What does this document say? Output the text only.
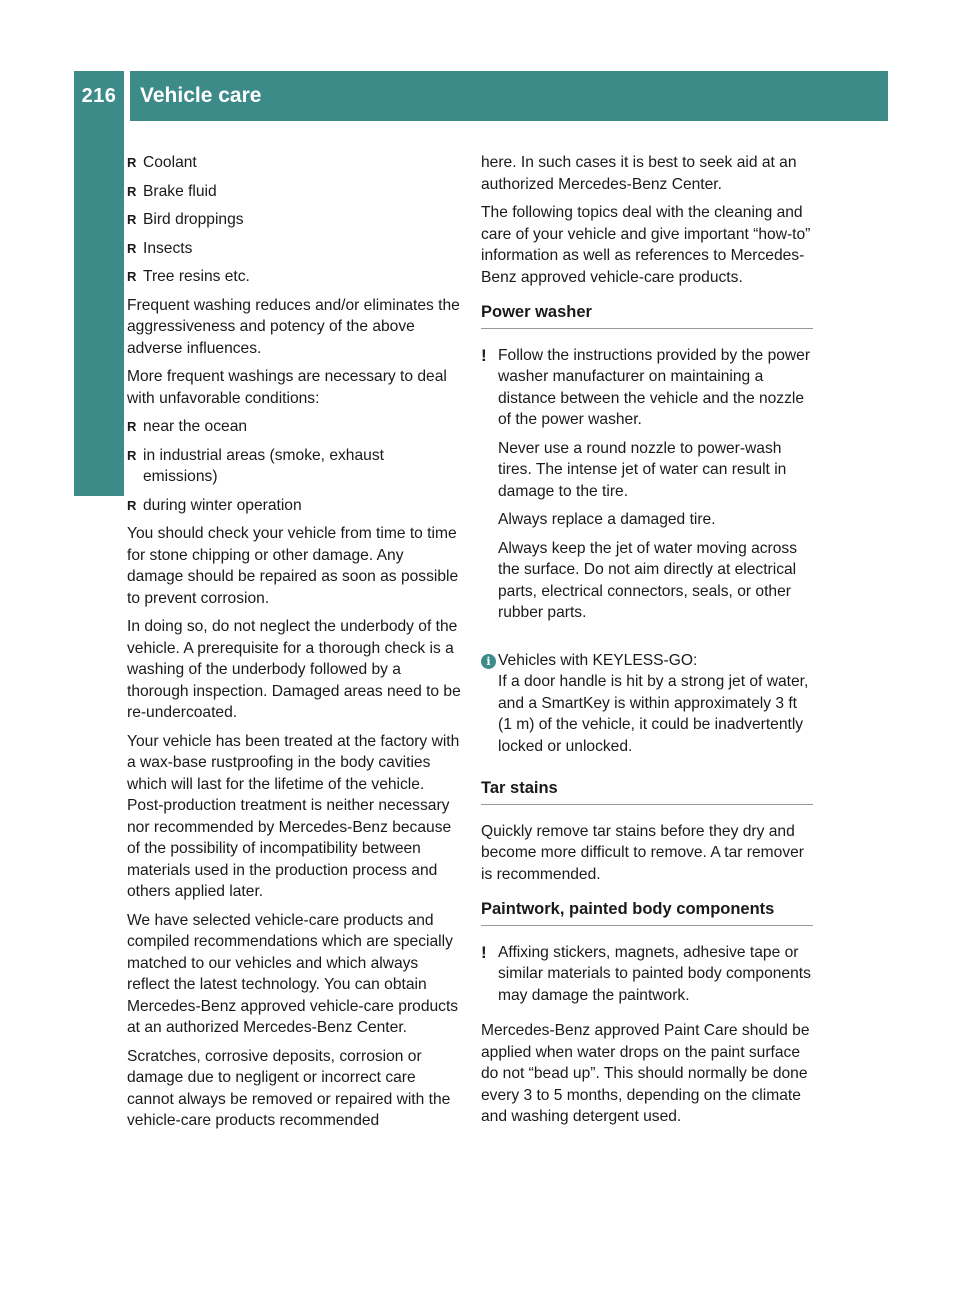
216	Vehicle care
Operation
R Coolant
R Brake fluid
R Bird droppings
R Insects
R Tree resins etc.

Frequent washing reduces and/or eliminates the aggressiveness and potency of the above adverse influences.

More frequent washings are necessary to deal with unfavorable conditions:

R near the ocean
R in industrial areas (smoke, exhaust emissions)
R during winter operation

You should check your vehicle from time to time for stone chipping or other damage. Any damage should be repaired as soon as possible to prevent corrosion.

In doing so, do not neglect the underbody of the vehicle. A prerequisite for a thorough check is a washing of the underbody followed by a thorough inspection. Damaged areas need to be re-undercoated.

Your vehicle has been treated at the factory with a wax-base rustproofing in the body cavities which will last for the lifetime of the vehicle. Post-production treatment is neither necessary nor recommended by Mercedes-Benz because of the possibility of incompatibility between materials used in the production process and others applied later.

We have selected vehicle-care products and compiled recommendations which are specially matched to our vehicles and which always reflect the latest technology. You can obtain Mercedes-Benz approved vehicle-care products at an authorized Mercedes-Benz Center.

Scratches, corrosive deposits, corrosion or damage due to negligent or incorrect care cannot always be removed or repaired with the vehicle-care products recommended

here. In such cases it is best to seek aid at an authorized Mercedes-Benz Center.

The following topics deal with the cleaning and care of your vehicle and give important “how-to” information as well as references to Mercedes-Benz approved vehicle-care products.

Power washer
! Follow the instructions provided by the power washer manufacturer on maintaining a distance between the vehicle and the nozzle of the power washer.

Never use a round nozzle to power-wash tires. The intense jet of water can result in damage to the tire.

Always replace a damaged tire.

Always keep the jet of water moving across the surface. Do not aim directly at electrical parts, electrical connectors, seals, or other rubber parts.

i Vehicles with KEYLESS-GO:

If a door handle is hit by a strong jet of water, and a SmartKey is within approximately 3 ft (1 m) of the vehicle, it could be inadvertently locked or unlocked.

Tar stains

Quickly remove tar stains before they dry and become more difficult to remove. A tar remover is recommended.

Paintwork, painted body components
! Affixing stickers, magnets, adhesive tape or similar materials to painted body components may damage the paintwork.

Mercedes-Benz approved Paint Care should be applied when water drops on the paint surface do not “bead up”. This should normally be done every 3 to 5 months, depending on the climate and washing detergent used.
